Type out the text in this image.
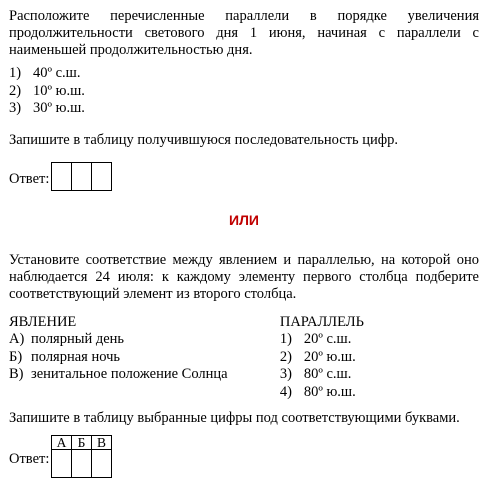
Расположите перечисленные параллели в порядке увеличения продолжительности светового дня 1 июня, начиная с параллели с наименьшей продолжительностью дня.
1) 40º с.ш.
2) 10º ю.ш.
3) 30º ю.ш.
Запишите в таблицу получившуюся последовательность цифр.
Ответ:

ИЛИ
Установите соответствие между явлением и параллелью, на которой оно наблюдается 24 июля: к каждому элементу первого столбца подберите соответствующий элемент из второго столбца.
ЯВЛЕНИЕ
А) полярный день
Б) полярная ночь
В) зенитальное положение Солнца
ПАРАЛЛЕЛЬ
1) 20º с.ш.
2) 20º ю.ш.
3) 80º с.ш.
4) 80º ю.ш.
Запишите в таблицу выбранные цифры под соответствующими буквами.
Ответ:
А	Б	В
